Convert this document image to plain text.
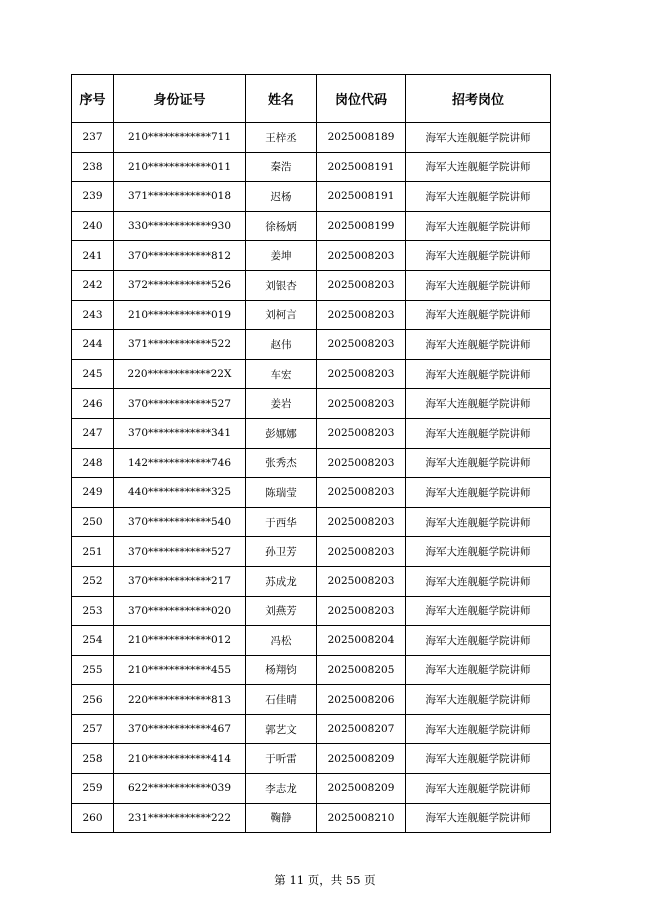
序号	身份证号	姓名	岗位代码	招考岗位
237	210************711	王梓丞	2025008189	海军大连舰艇学院讲师
238	210************011	秦浩	2025008191	海军大连舰艇学院讲师
239	371************018	迟杨	2025008191	海军大连舰艇学院讲师
240	330************930	徐杨炳	2025008199	海军大连舰艇学院讲师
241	370************812	姜坤	2025008203	海军大连舰艇学院讲师
242	372************526	刘银杏	2025008203	海军大连舰艇学院讲师
243	210************019	刘柯言	2025008203	海军大连舰艇学院讲师
244	371************522	赵伟	2025008203	海军大连舰艇学院讲师
245	220************22X	车宏	2025008203	海军大连舰艇学院讲师
246	370************527	姜岩	2025008203	海军大连舰艇学院讲师
247	370************341	彭娜娜	2025008203	海军大连舰艇学院讲师
248	142************746	张秀杰	2025008203	海军大连舰艇学院讲师
249	440************325	陈瑞莹	2025008203	海军大连舰艇学院讲师
250	370************540	于西华	2025008203	海军大连舰艇学院讲师
251	370************527	孙卫芳	2025008203	海军大连舰艇学院讲师
252	370************217	苏成龙	2025008203	海军大连舰艇学院讲师
253	370************020	刘燕芳	2025008203	海军大连舰艇学院讲师
254	210************012	冯松	2025008204	海军大连舰艇学院讲师
255	210************455	杨翔钧	2025008205	海军大连舰艇学院讲师
256	220************813	石佳晴	2025008206	海军大连舰艇学院讲师
257	370************467	郭艺文	2025008207	海军大连舰艇学院讲师
258	210************414	于听雷	2025008209	海军大连舰艇学院讲师
259	622************039	李志龙	2025008209	海军大连舰艇学院讲师
260	231************222	鞠静	2025008210	海军大连舰艇学院讲师
第 11 页，共 55 页
